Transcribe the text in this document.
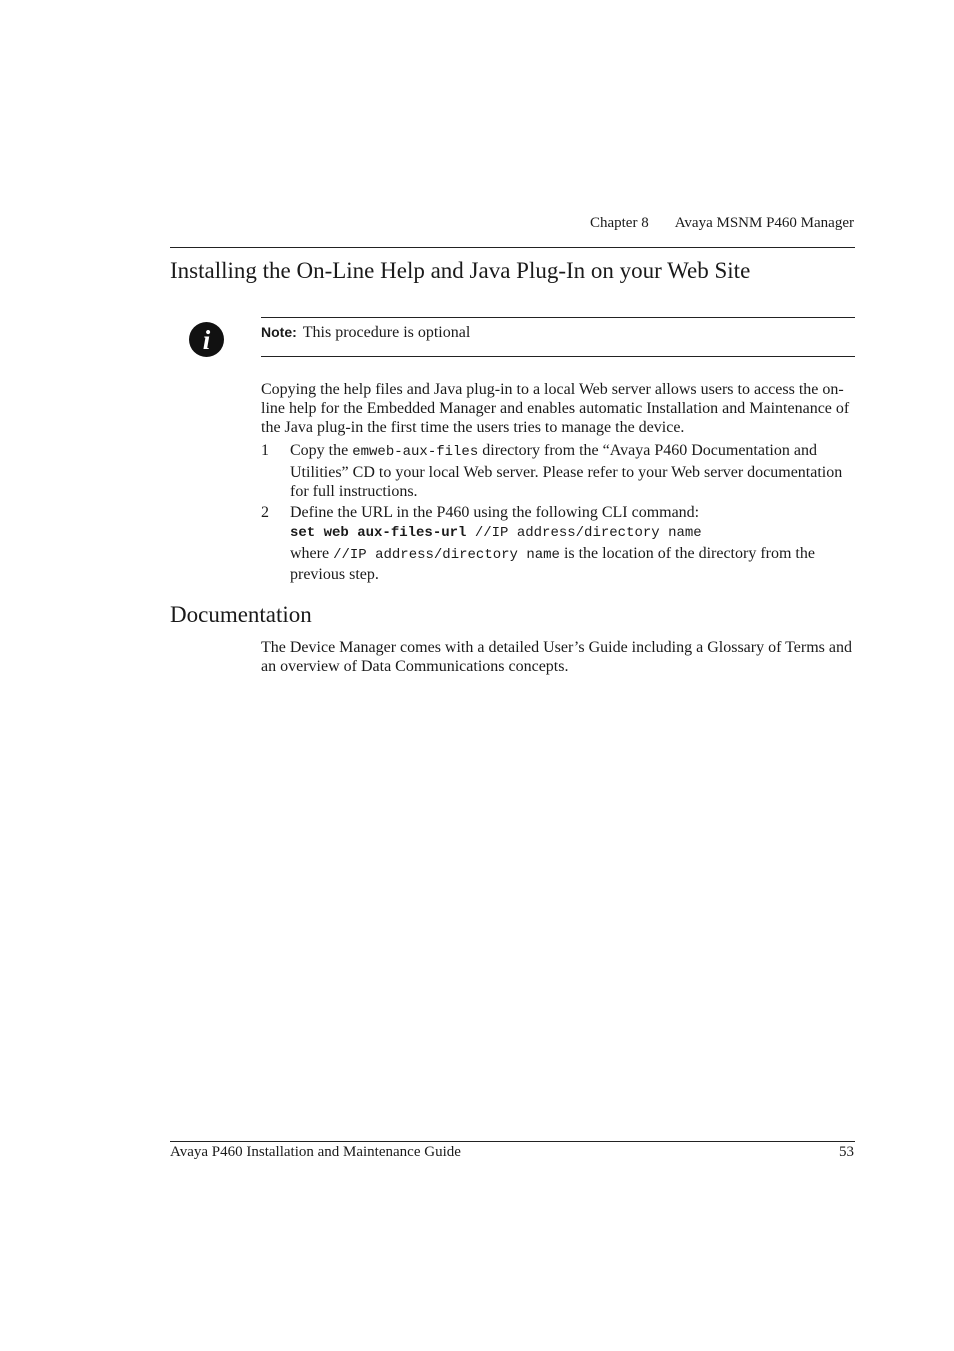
Chapter 8 Avaya MSNM P460 Manager
Installing the On-Line Help and Java Plug-In on your Web Site
i	Note: This procedure is optional
Copying the help files and Java plug-in to a local Web server allows users to access the on-line help for the Embedded Manager and enables automatic Installation and Maintenance of the Java plug-in the first time the users tries to manage the device.
1 Copy the emweb-aux-files directory from the “Avaya P460 Documentation and Utilities” CD to your local Web server. Please refer to your Web server documentation for full instructions.
2 Define the URL in the P460 using the following CLI command:
set web aux-files-url //IP address/directory name
where //IP address/directory name is the location of the directory from the previous step.
Documentation
The Device Manager comes with a detailed User’s Guide including a Glossary of Terms and an overview of Data Communications concepts.
Avaya P460 Installation and Maintenance Guide	53
